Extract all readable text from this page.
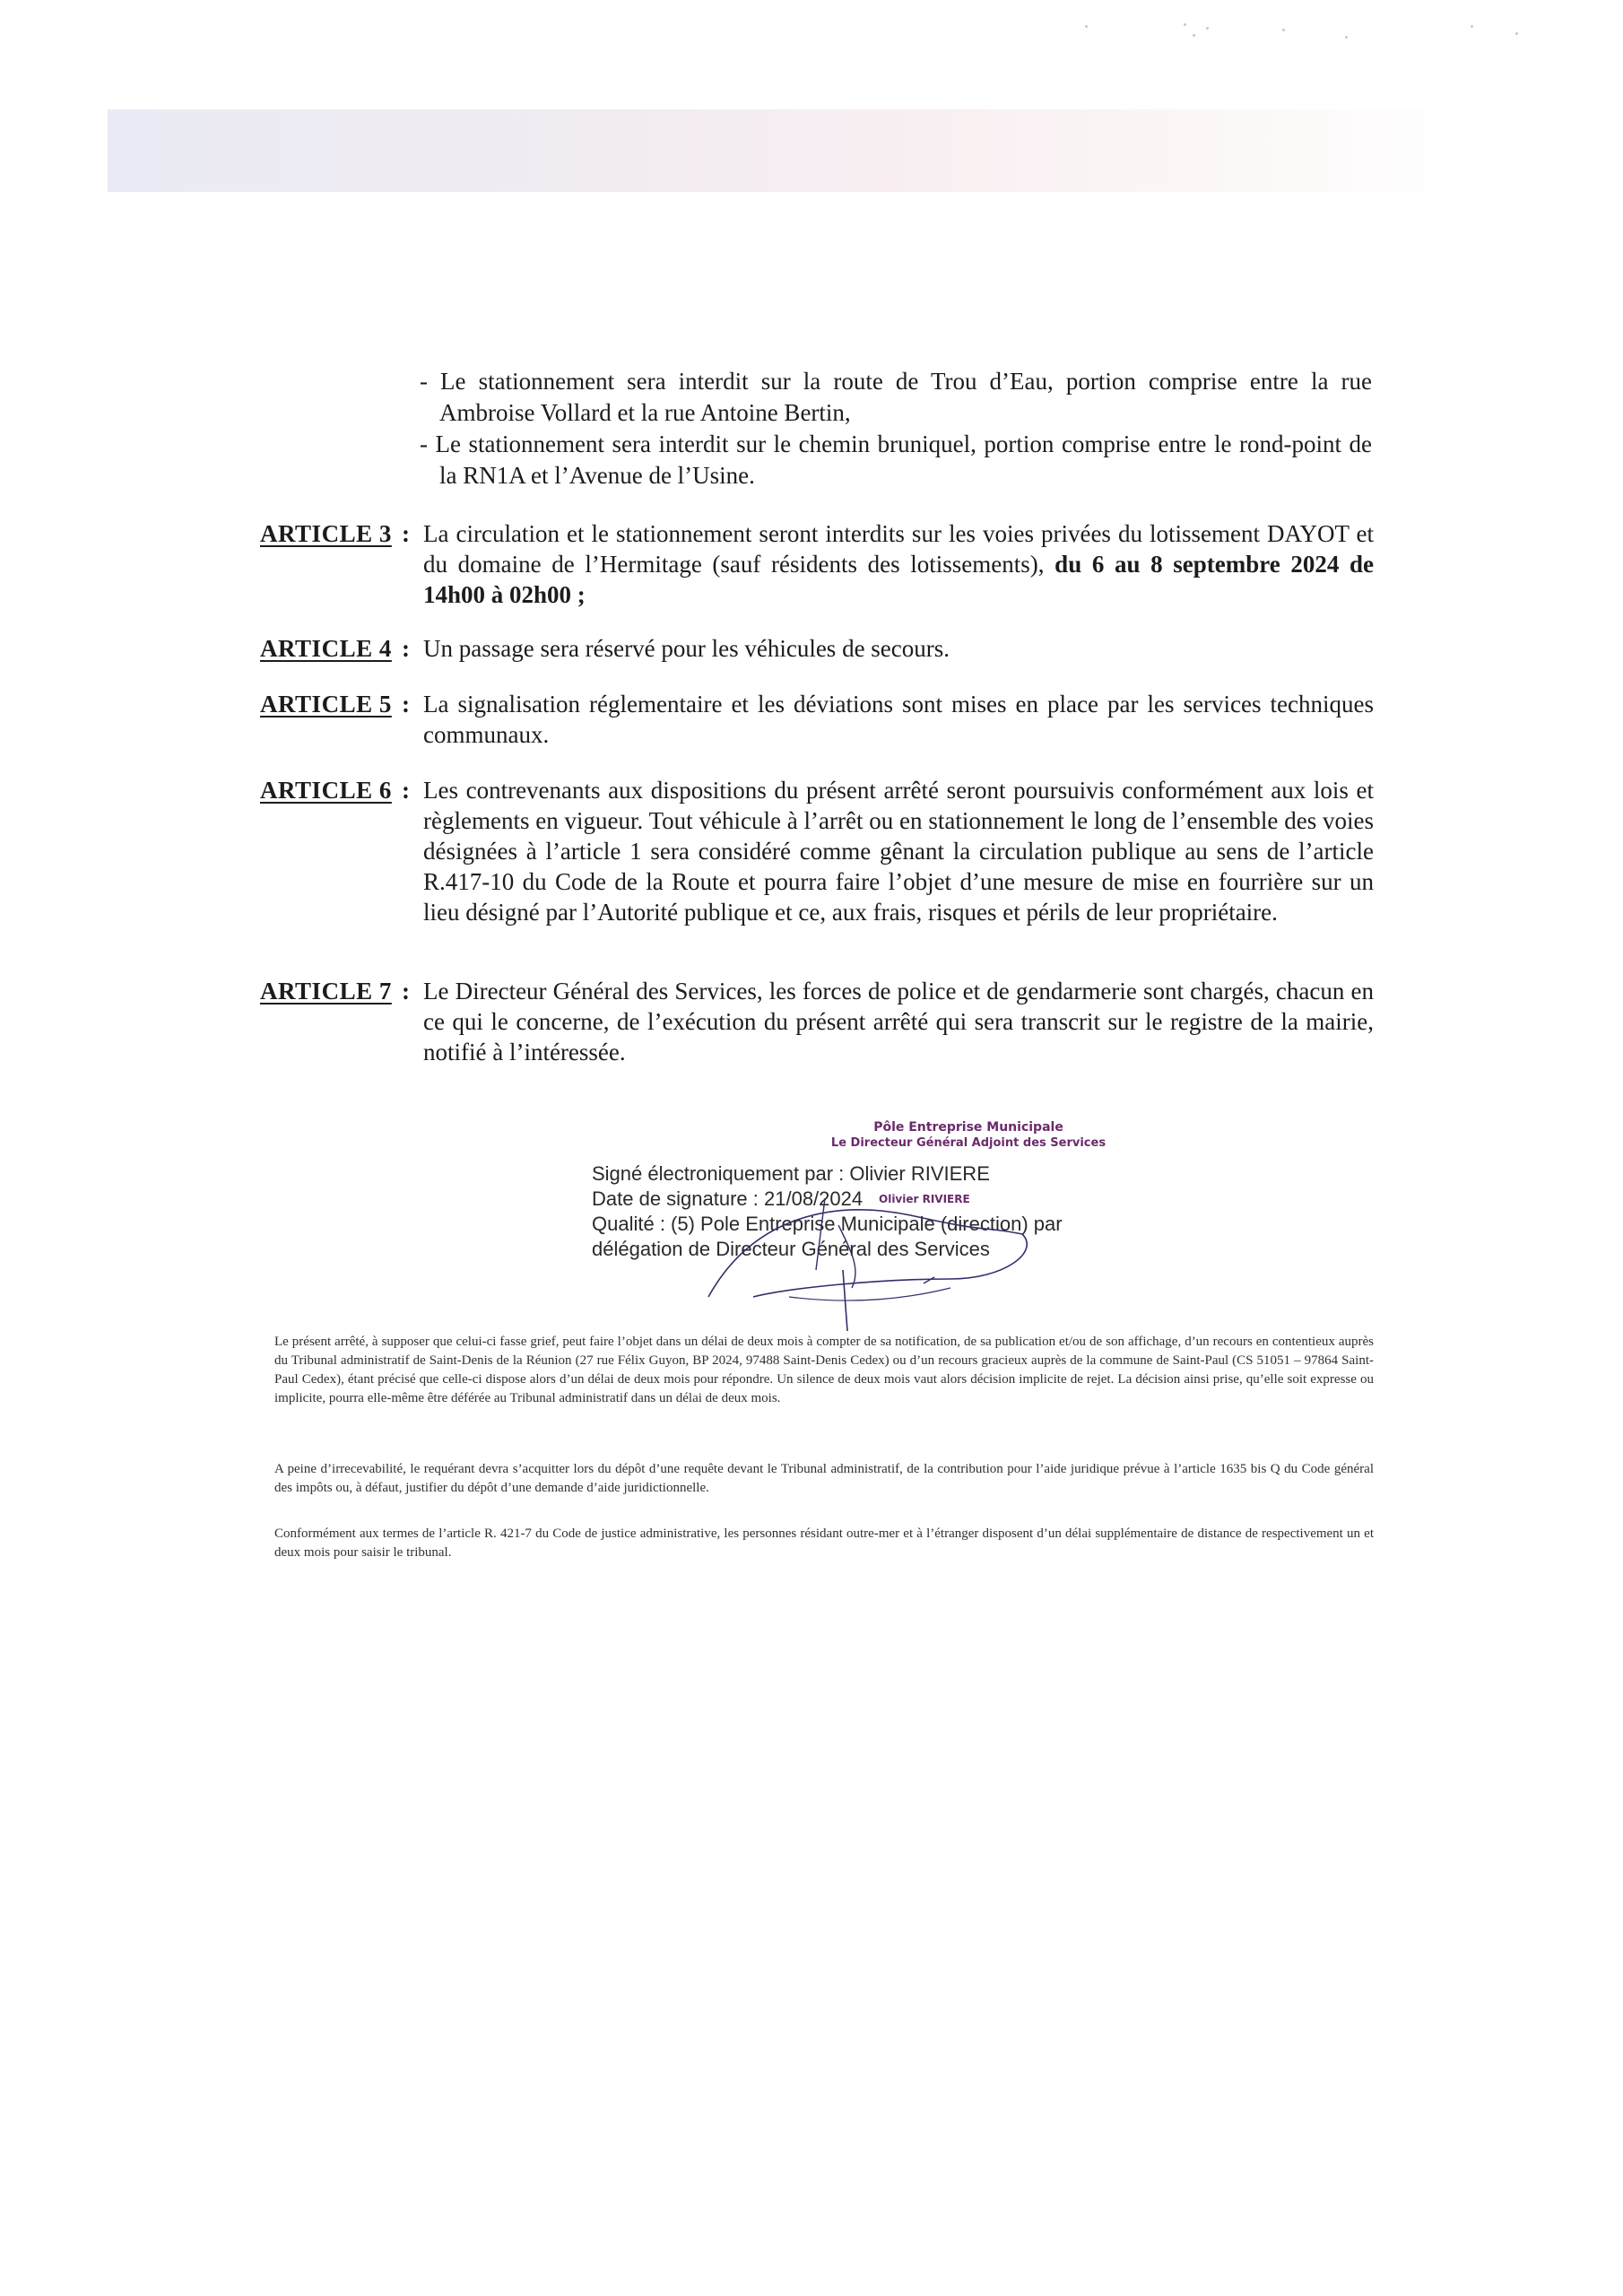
- Le stationnement sera interdit sur la route de Trou d’Eau, portion comprise entre la rue Ambroise Vollard et la rue Antoine Bertin,
- Le stationnement sera interdit sur le chemin bruniquel, portion comprise entre le rond-point de la RN1A et l’Avenue de l’Usine.
ARTICLE 3 : La circulation et le stationnement seront interdits sur les voies privées du lotissement DAYOT et du domaine de l’Hermitage (sauf résidents des lotissements), du 6 au 8 septembre 2024 de 14h00 à 02h00 ;
ARTICLE 4 : Un passage sera réservé pour les véhicules de secours.
ARTICLE 5 : La signalisation réglementaire et les déviations sont mises en place par les services techniques communaux.
ARTICLE 6 : Les contrevenants aux dispositions du présent arrêté seront poursuivis conformément aux lois et règlements en vigueur. Tout véhicule à l’arrêt ou en stationnement le long de l’ensemble des voies désignées à l’article 1 sera considéré comme gênant la circulation publique au sens de l’article R.417-10 du Code de la Route et pourra faire l’objet d’une mesure de mise en fourrière sur un lieu désigné par l’Autorité publique et ce, aux frais, risques et périls de leur propriétaire.
ARTICLE 7 : Le Directeur Général des Services, les forces de police et de gendarmerie sont chargés, chacun en ce qui le concerne, de l’exécution du présent arrêté qui sera transcrit sur le registre de la mairie, notifié à l’intéressée.
Pôle Entreprise Municipale
Le Directeur Général Adjoint des Services
Signé électroniquement par : Olivier RIVIERE
Date de signature : 21/08/2024
Qualité : (5) Pole Entreprise Municipale (direction) par
délégation de Directeur Général des Services
Olivier RIVIERE
Le présent arrêté, à supposer que celui-ci fasse grief, peut faire l’objet dans un délai de deux mois à compter de sa notification, de sa publication et/ou de son affichage, d’un recours en contentieux auprès du Tribunal administratif de Saint-Denis de la Réunion (27 rue Félix Guyon, BP 2024, 97488 Saint-Denis Cedex) ou d’un recours gracieux auprès de la commune de Saint-Paul (CS 51051 – 97864 Saint-Paul Cedex), étant précisé que celle-ci dispose alors d’un délai de deux mois pour répondre. Un silence de deux mois vaut alors décision implicite de rejet. La décision ainsi prise, qu’elle soit expresse ou implicite, pourra elle-même être déférée au Tribunal administratif dans un délai de deux mois.
A peine d’irrecevabilité, le requérant devra s’acquitter lors du dépôt d’une requête devant le Tribunal administratif, de la contribution pour l’aide juridique prévue à l’article 1635 bis Q du Code général des impôts ou, à défaut, justifier du dépôt d’une demande d’aide juridictionnelle.
Conformément aux termes de l’article R. 421-7 du Code de justice administrative, les personnes résidant outre-mer et à l’étranger disposent d’un délai supplémentaire de distance de respectivement un et deux mois pour saisir le tribunal.
